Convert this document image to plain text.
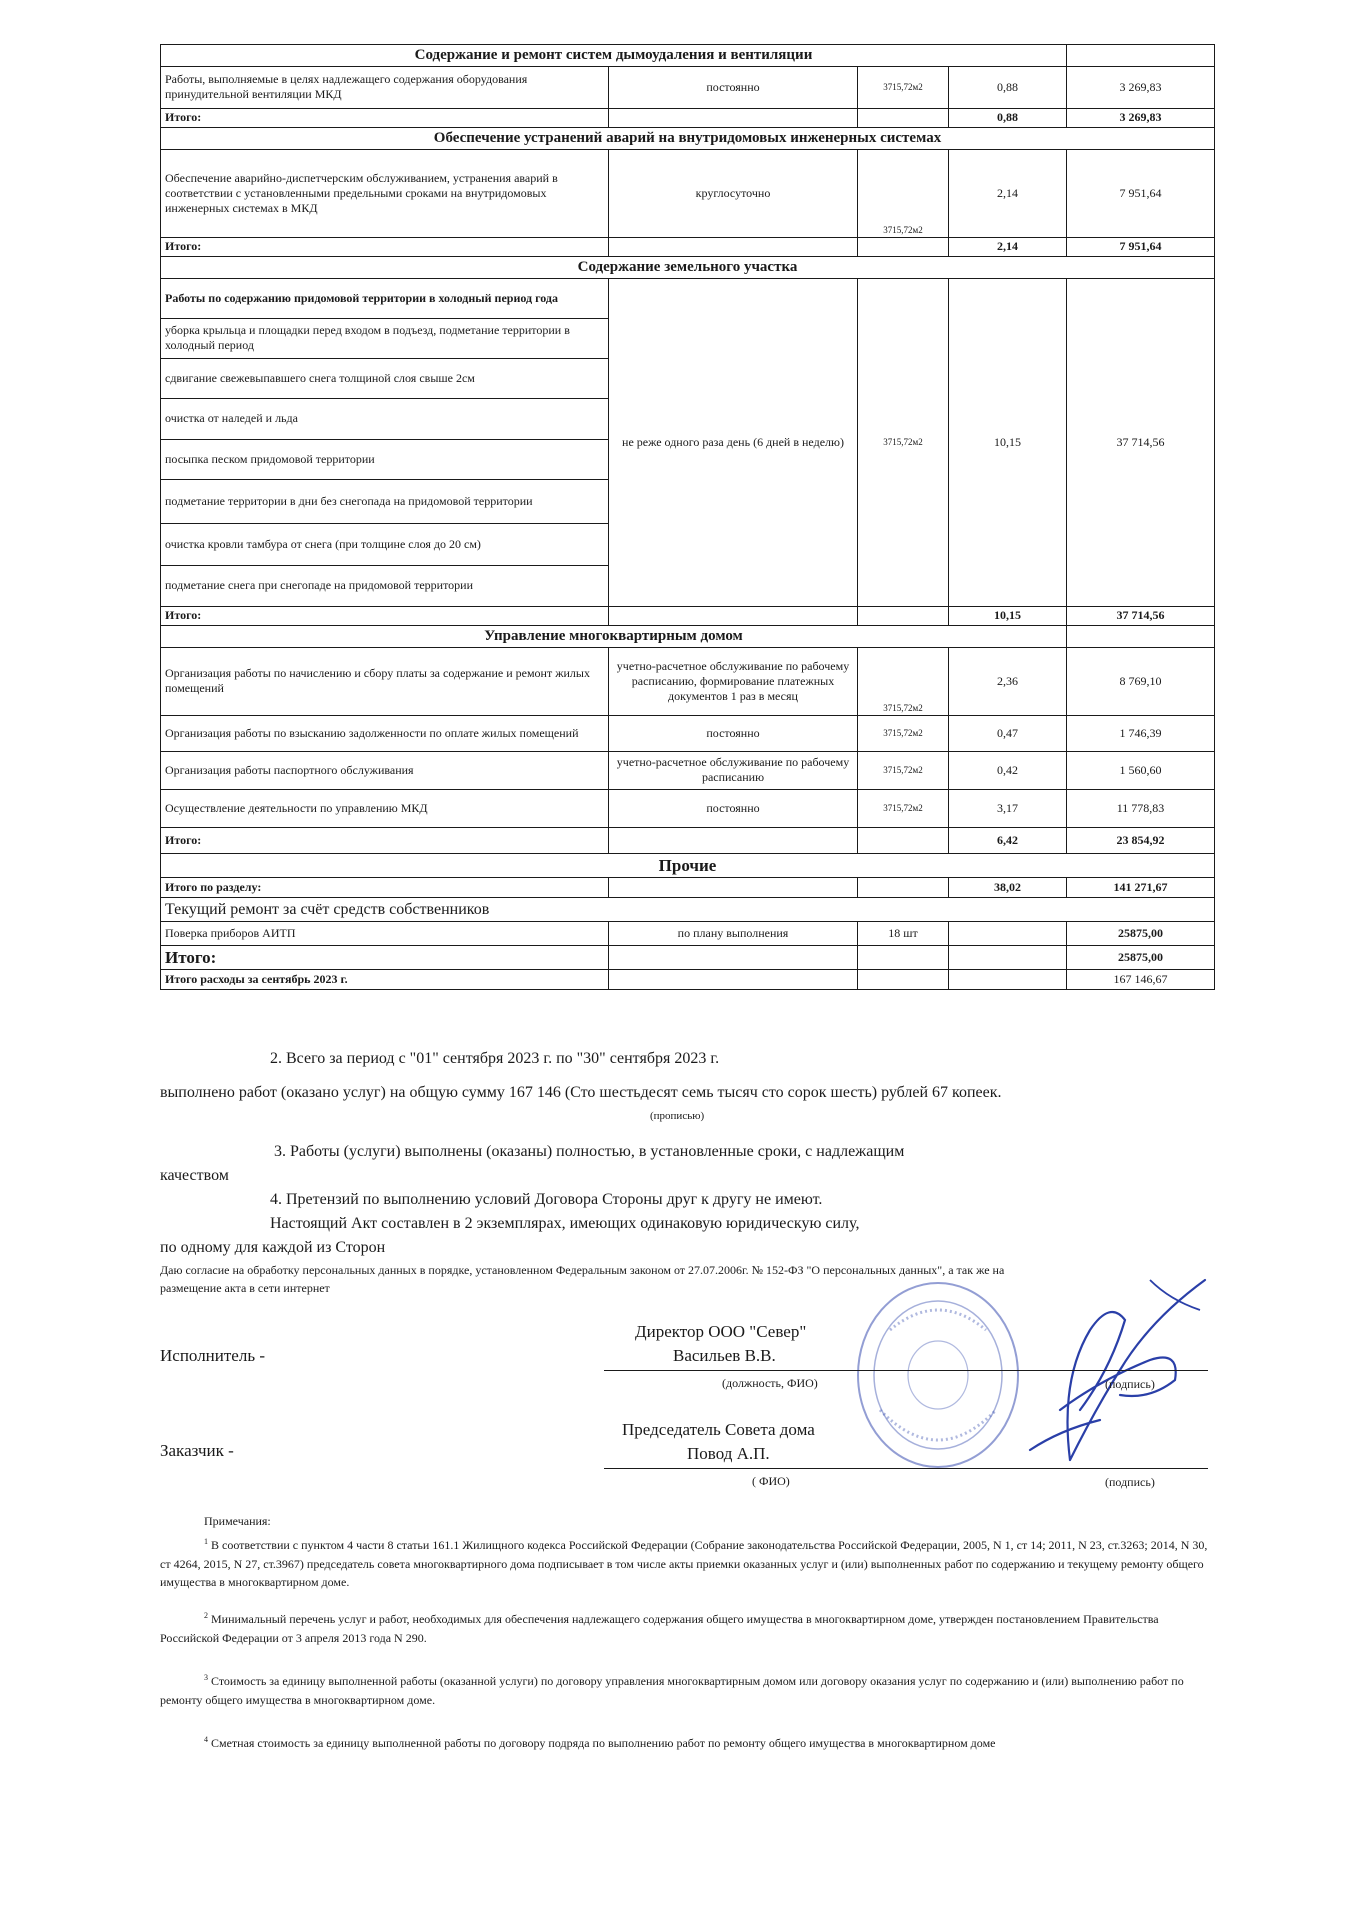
Содержание и ремонт систем дымоудаления и вентиляции				
Работы, выполняемые в целях надлежащего содержания оборудования принудительной вентиляции МКД	постоянно	3715,72м2	0,88	3 269,83
Итого:			0,88	3 269,83
Обеспечение устранений аварий на внутридомовых инженерных системах				
Обеспечение аварийно-диспетчерским обслуживанием, устранения аварий в соответствии с установленными предельными сроками на внутридомовых инженерных системах в МКД	круглосуточно	3715,72м2	2,14	7 951,64
Итого:			2,14	7 951,64
Содержание земельного участка				
Работы по содержанию придомовой территории в холодный период года	не реже одного раза день (6 дней в неделю)	3715,72м2	10,15	37 714,56
уборка крыльца и площадки перед входом в подъезд, подметание территории в холодный период				
сдвигание свежевыпавшего снега толщиной слоя свыше 2см				
очистка от наледей и льда				
посыпка песком придомовой территории				
подметание территории в дни без снегопада на придомовой территории				
очистка кровли тамбура от снега (при толщине слоя до 20 см)				
подметание снега при снегопаде на придомовой территории				
Итого:			10,15	37 714,56
Управление многоквартирным домом				
Организация работы по начислению и сбору платы за содержание и ремонт жилых помещений	учетно-расчетное обслуживание по рабочему расписанию, формирование платежных документов 1 раз в месяц	3715,72м2	2,36	8 769,10
Организация работы по взысканию задолженности по оплате жилых помещений	постоянно	3715,72м2	0,47	1 746,39
Организация работы паспортного обслуживания	учетно-расчетное обслуживание по рабочему расписанию	3715,72м2	0,42	1 560,60
Осуществление деятельности по управлению МКД	постоянно	3715,72м2	3,17	11 778,83
Итого:			6,42	23 854,92
Прочие				
Итого по разделу:			38,02	141 271,67
Текущий ремонт за счёт средств собственников				
Поверка приборов АИТП	по плану выполнения	18 шт		25875,00
Итого:				25875,00
Итого расходы за сентябрь 2023 г.				167 146,67
2. Всего за период с "01" сентября 2023 г. по "30" сентября 2023 г.
выполнено работ (оказано услуг) на общую сумму 167 146 (Сто шестьдесят семь тысяч сто сорок шесть) рублей 67 копеек.
(прописью)
3. Работы (услуги) выполнены (оказаны) полностью, в установленные сроки, с надлежащим
качеством
4. Претензий по выполнению условий Договора Стороны друг к другу не имеют.
Настоящий Акт составлен в 2 экземплярах, имеющих одинаковую юридическую силу,
по одному для каждой из Сторон
Даю согласие на обработку персональных данных в порядке, установленном Федеральным законом от 27.07.2006г. № 152-ФЗ "О персональных данных", а так же на
размещение акта в сети интернет
Исполнитель -
Директор ООО "Север"
Васильев В.В.
(должность, ФИО)	(подпись)
Заказчик -
Председатель Совета дома
Повод А.П.
( ФИО)	(подпись)
Примечания:
$^1$ В соответствии с пунктом 4 части 8 статьи 161.1 Жилищного кодекса Российской Федерации (Собрание законодательства Российской Федерации, 2005, N 1, ст 14; 2011, N 23, ст.3263; 2014, N 30, ст 4264, 2015, N 27, ст.3967) председатель совета многоквартирного дома подписывает в том числе акты приемки оказанных услуг и (или) выполненных работ по содержанию и текущему ремонту общего имущества в многоквартирном доме.
$^2$ Минимальный перечень услуг и работ, необходимых для обеспечения надлежащего содержания общего имущества в многоквартирном доме, утвержден постановлением Правительства Российской Федерации от 3 апреля 2013 года N 290.
$^3$ Стоимость за единицу выполненной работы (оказанной услуги) по договору управления многоквартирным домом или договору оказания услуг по содержанию и (или) выполнению работ по ремонту общего имущества в многоквартирном доме.
$^4$ Сметная стоимость за единицу выполненной работы по договору подряда по выполнению работ по ремонту общего имущества в многоквартирном доме
